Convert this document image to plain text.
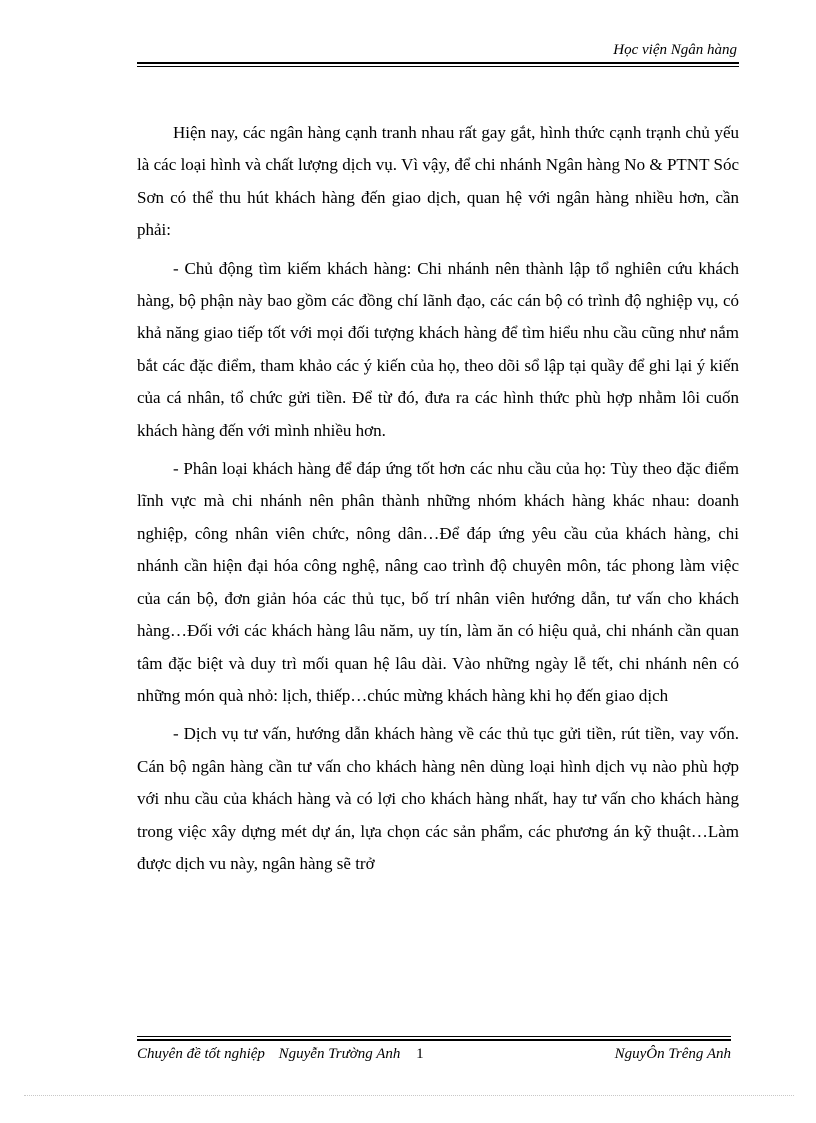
Học viện Ngân hàng

Hiện nay, các ngân hàng cạnh tranh nhau rất gay gắt, hình thức cạnh trạnh chủ yếu là các loại hình và chất lượng dịch vụ. Vì vậy, để chi nhánh Ngân hàng No & PTNT Sóc Sơn có thể thu hút khách hàng đến giao dịch, quan hệ với ngân hàng nhiều hơn, cần phải:

- Chủ động tìm kiếm khách hàng: Chi nhánh nên thành lập tổ nghiên cứu khách hàng, bộ phận này bao gồm các đồng chí lãnh đạo, các cán bộ có trình độ nghiệp vụ, có khả năng giao tiếp tốt với mọi đối tượng khách hàng để tìm hiểu nhu cầu cũng như nắm bắt các đặc điểm, tham khảo các ý kiến của họ, theo dõi sổ lập tại quầy để ghi lại ý kiến của cá nhân, tổ chức gửi tiền. Để từ đó, đưa ra các hình thức phù hợp nhằm lôi cuốn khách hàng đến với mình nhiều hơn.

- Phân loại khách hàng để đáp ứng tốt hơn các nhu cầu của họ: Tùy theo đặc điểm lĩnh vực mà chi nhánh nên phân thành những nhóm khách hàng khác nhau: doanh nghiệp, công nhân viên chức, nông dân…Để đáp ứng yêu cầu của khách hàng, chi nhánh cần hiện đại hóa công nghệ, nâng cao trình độ chuyên môn, tác phong làm việc của cán bộ, đơn giản hóa các thủ tục, bố trí nhân viên hướng dẫn, tư vấn cho khách hàng…Đối với các khách hàng lâu năm, uy tín, làm ăn có hiệu quả, chi nhánh cần quan tâm đặc biệt và duy trì mối quan hệ lâu dài. Vào những ngày lễ tết, chi nhánh nên có những món quà nhỏ: lịch, thiếp…chúc mừng khách hàng khi họ đến giao dịch

- Dịch vụ tư vấn, hướng dẫn khách hàng về các thủ tục gửi tiền, rút tiền, vay vốn. Cán bộ ngân hàng cần tư vấn cho khách hàng nên dùng loại hình dịch vụ nào phù hợp với nhu cầu của khách hàng và có lợi cho khách hàng nhất, hay tư vấn cho khách hàng trong việc xây dựng mét dự án, lựa chọn các sản phẩm, các phương án kỹ thuật…Làm được dịch vu này, ngân hàng sẽ trở

Chuyên đề tốt nghiệp Nguyễn Trường Anh 1	NguyÔn Trêng Anh
